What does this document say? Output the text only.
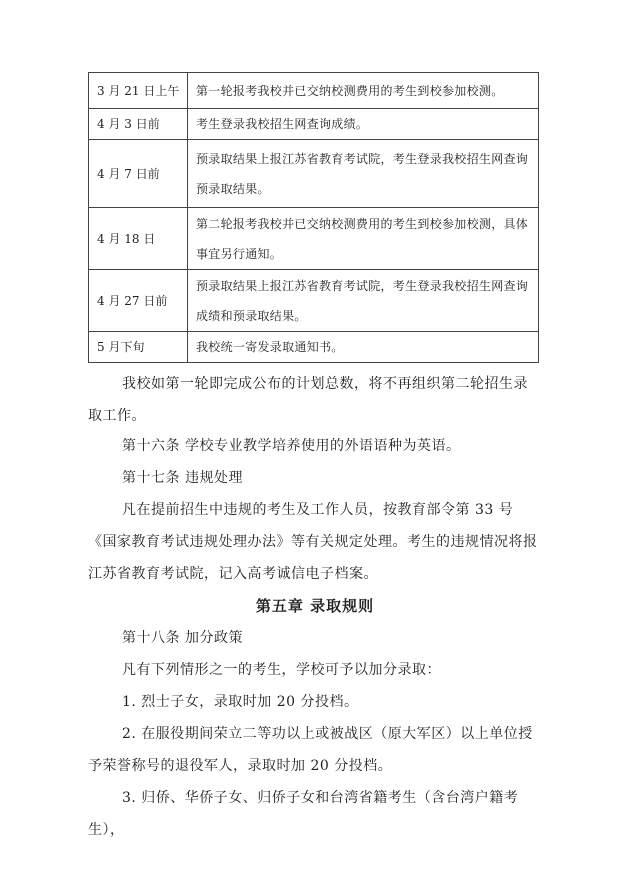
3 月 21 日上午	第一轮报考我校并已交纳校测费用的考生到校参加校测。
4 月 3 日前	考生登录我校招生网查询成绩。
4 月 7 日前	预录取结果上报江苏省教育考试院，考生登录我校招生网查询预录取结果。
4 月 18 日	第二轮报考我校并已交纳校测费用的考生到校参加校测，具体事宜另行通知。
4 月 27 日前	预录取结果上报江苏省教育考试院，考生登录我校招生网查询成绩和预录取结果。
5 月下旬	我校统一寄发录取通知书。

我校如第一轮即完成公布的计划总数，将不再组织第二轮招生录取工作。

第十六条 学校专业教学培养使用的外语语种为英语。

第十七条 违规处理

凡在提前招生中违规的考生及工作人员，按教育部令第 33 号《国家教育考试违规处理办法》等有关规定处理。考生的违规情况将报江苏省教育考试院，记入高考诚信电子档案。

第五章 录取规则

第十八条 加分政策

凡有下列情形之一的考生，学校可予以加分录取：

1. 烈士子女，录取时加 20 分投档。

2. 在服役期间荣立二等功以上或被战区（原大军区）以上单位授予荣誉称号的退役军人，录取时加 20 分投档。

3. 归侨、华侨子女、归侨子女和台湾省籍考生（含台湾户籍考生），
